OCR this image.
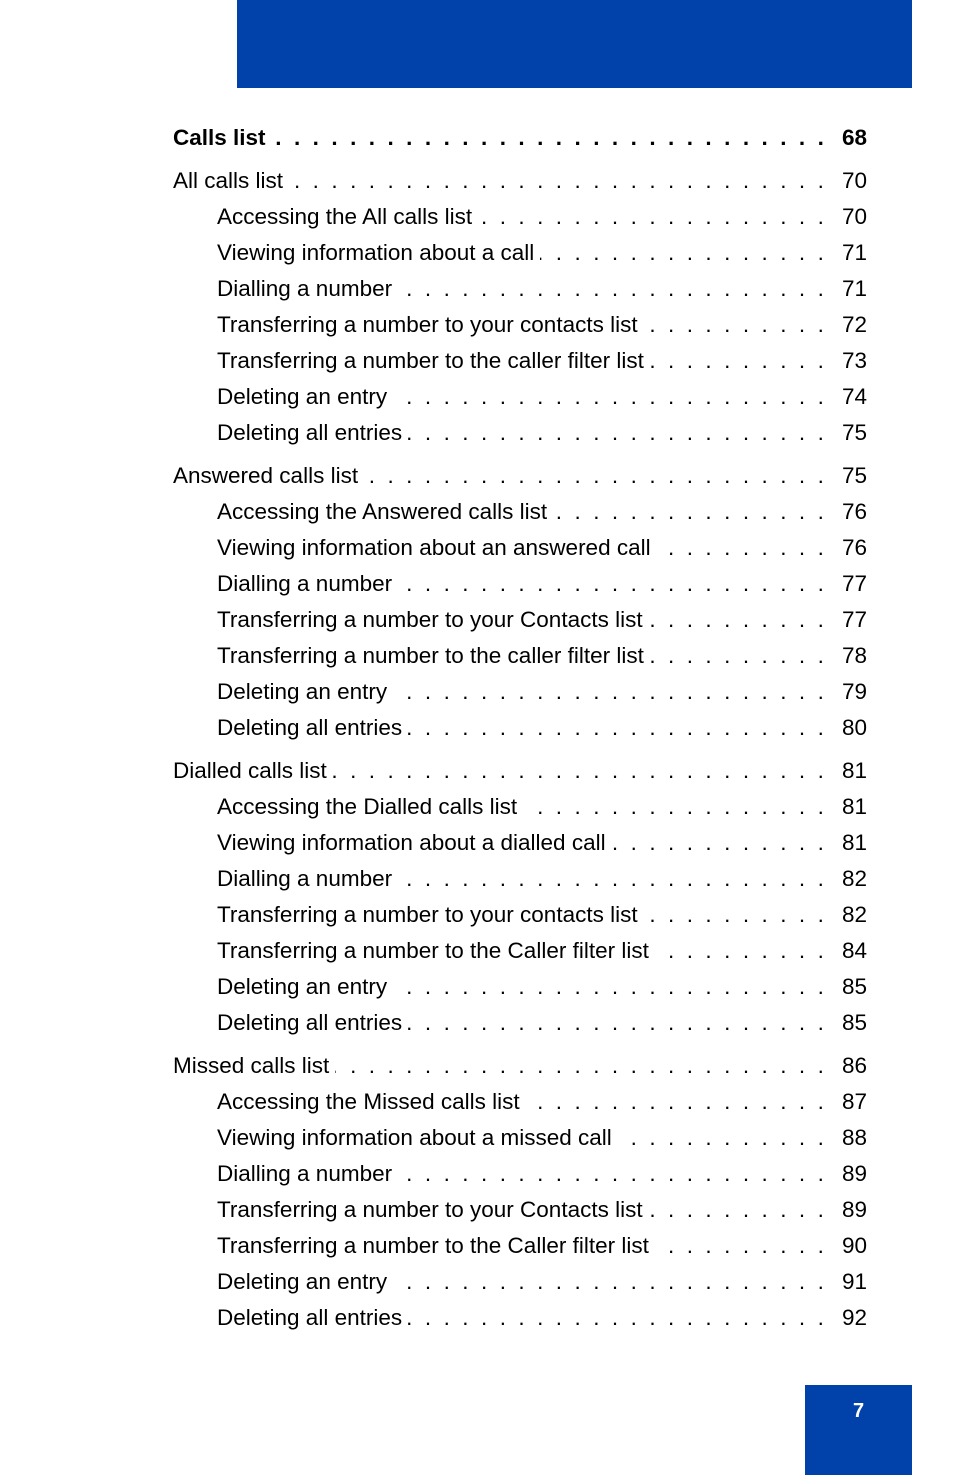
Calls list . . .	68
All calls list . . .	70
Accessing the All calls list . . .	70
Viewing information about a call . . .	71
Dialling a number . . .	71
Transferring a number to your contacts list . . .	72
Transferring a number to the caller filter list . . .	73
Deleting an entry . . .	74
Deleting all entries . . .	75
Answered calls list . . .	75
Accessing the Answered calls list . . .	76
Viewing information about an answered call . . .	76
Dialling a number . . .	77
Transferring a number to your Contacts list . . .	77
Transferring a number to the caller filter list . . .	78
Deleting an entry . . .	79
Deleting all entries . . .	80
Dialled calls list . . .	81
Accessing the Dialled calls list . . .	81
Viewing information about a dialled call . . .	81
Dialling a number . . .	82
Transferring a number to your contacts list . . .	82
Transferring a number to the Caller filter list . . .	84
Deleting an entry . . .	85
Deleting all entries . . .	85
Missed calls list . . .	86
Accessing the Missed calls list . . .	87
Viewing information about a missed call . . .	88
Dialling a number . . .	89
Transferring a number to your Contacts list . . .	89
Transferring a number to the Caller filter list . . .	90
Deleting an entry . . .	91
Deleting all entries . . .	92
7
